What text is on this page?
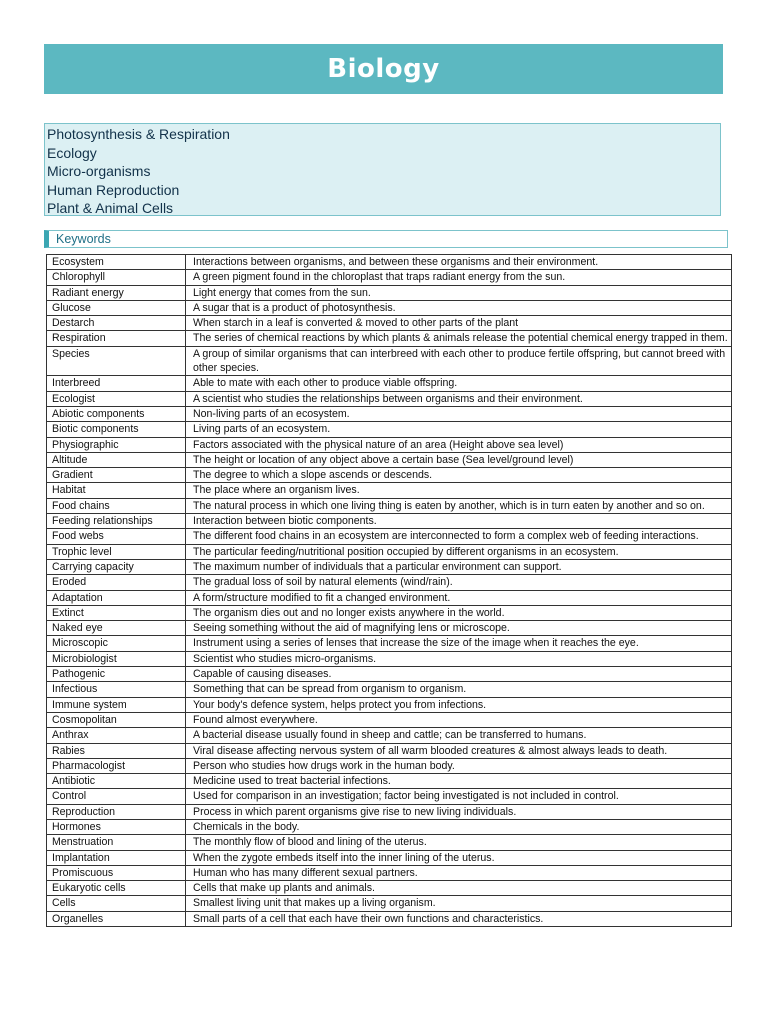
Biology
Photosynthesis & Respiration
Ecology
Micro-organisms
Human Reproduction
Plant & Animal Cells
Keywords
Ecosystem	Interactions between organisms, and between these organisms and their environment.
Chlorophyll	A green pigment found in the chloroplast that traps radiant energy from the sun.
Radiant energy	Light energy that comes from the sun.
Glucose	A sugar that is a product of photosynthesis.
Destarch	When starch in a leaf is converted & moved to other parts of the plant
Respiration	The series of chemical reactions by which plants & animals release the potential chemical energy trapped in them.
Species	A group of similar organisms that can interbreed with each other to produce fertile offspring, but cannot breed with other species.
Interbreed	Able to mate with each other to produce viable offspring.
Ecologist	A scientist who studies the relationships between organisms and their environment.
Abiotic components	Non-living parts of an ecosystem.
Biotic components	Living parts of an ecosystem.
Physiographic	Factors associated with the physical nature of an area (Height above sea level)
Altitude	The height or location of any object above a certain base (Sea level/ground level)
Gradient	The degree to which a slope ascends or descends.
Habitat	The place where an organism lives.
Food chains	The natural process in which one living thing is eaten by another, which is in turn eaten by another and so on.
Feeding relationships	Interaction between biotic components.
Food webs	The different food chains in an ecosystem are interconnected to form a complex web of feeding interactions.
Trophic level	The particular feeding/nutritional position occupied by different organisms in an ecosystem.
Carrying capacity	The maximum number of individuals that a particular environment can support.
Eroded	The gradual loss of soil by natural elements (wind/rain).
Adaptation	A form/structure modified to fit a changed environment.
Extinct	The organism dies out and no longer exists anywhere in the world.
Naked eye	Seeing something without the aid of magnifying lens or microscope.
Microscopic	Instrument using a series of lenses that increase the size of the image when it reaches the eye.
Microbiologist	Scientist who studies micro-organisms.
Pathogenic	Capable of causing diseases.
Infectious	Something that can be spread from organism to organism.
Immune system	Your body's defence system, helps protect you from infections.
Cosmopolitan	Found almost everywhere.
Anthrax	A bacterial disease usually found in sheep and cattle; can be transferred to humans.
Rabies	Viral disease affecting nervous system of all warm blooded creatures & almost always leads to death.
Pharmacologist	Person who studies how drugs work in the human body.
Antibiotic	Medicine used to treat bacterial infections.
Control	Used for comparison in an investigation; factor being investigated is not included in control.
Reproduction	Process in which parent organisms give rise to new living individuals.
Hormones	Chemicals in the body.
Menstruation	The monthly flow of blood and lining of the uterus.
Implantation	When the zygote embeds itself into the inner lining of the uterus.
Promiscuous	Human who has many different sexual partners.
Eukaryotic cells	Cells that make up plants and animals.
Cells	Smallest living unit that makes up a living organism.
Organelles	Small parts of a cell that each have their own functions and characteristics.
